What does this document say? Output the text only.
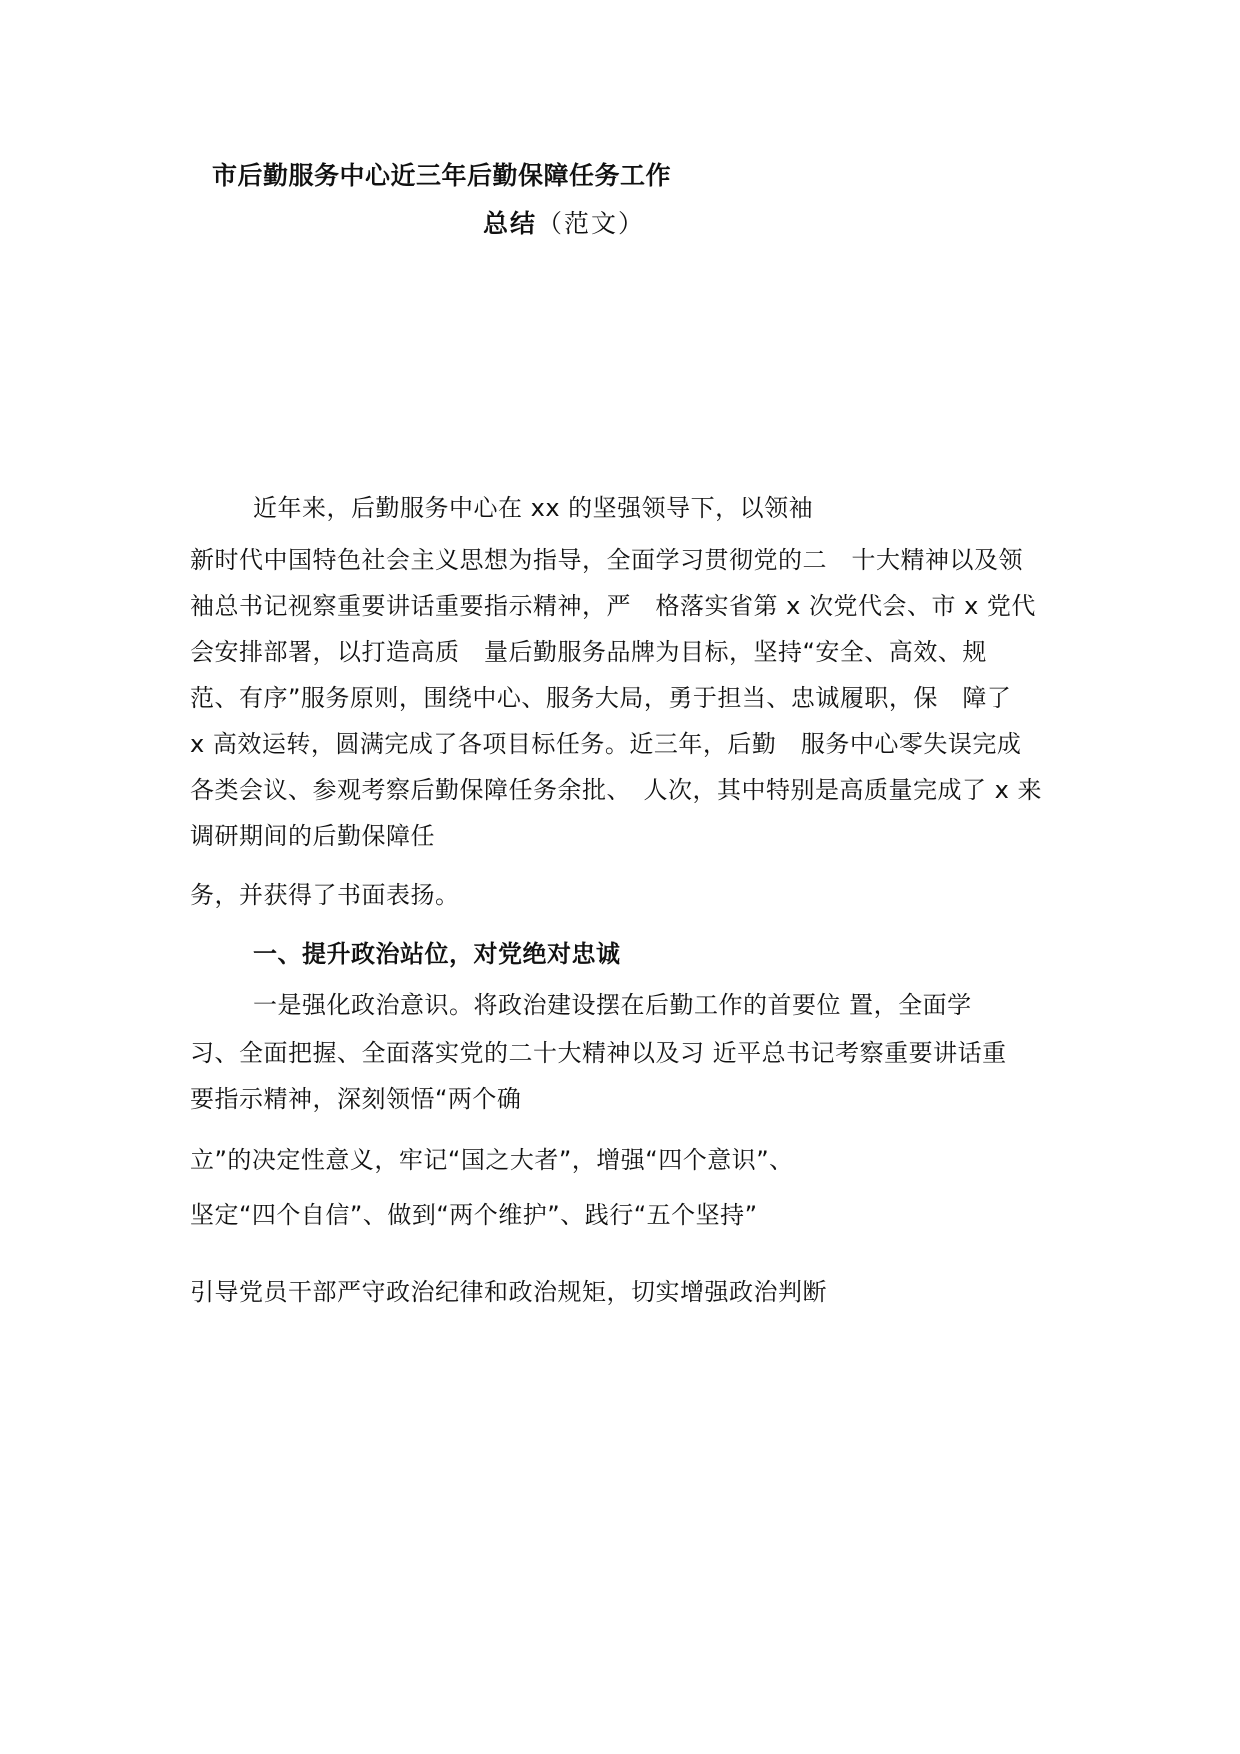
市后勤服务中心近三年后勤保障任务工作
总结（范文）
近年来，后勤服务中心在 xx 的坚强领导下，以领袖
新时代中国特色社会主义思想为指导，全面学习贯彻党的二　十大精神以及领
袖总书记视察重要讲话重要指示精神，严　格落实省第 x 次党代会、市 x 党代
会安排部署，以打造高质　量后勤服务品牌为目标，坚持“安全、高效、规
范、有序”服务原则，围绕中心、服务大局，勇于担当、忠诚履职，保　障了
x 高效运转，圆满完成了各项目标任务。近三年，后勤　服务中心零失误完成
各类会议、参观考察后勤保障任务余批、　人次，其中特别是高质量完成了 x 来
调研期间的后勤保障任
务，并获得了书面表扬。
一、提升政治站位，对党绝对忠诚
一是强化政治意识。将政治建设摆在后勤工作的首要位 置，全面学
习、全面把握、全面落实党的二十大精神以及习 近平总书记考察重要讲话重
要指示精神，深刻领悟“两个确
立”的决定性意义，牢记“国之大者”，增强“四个意识”、
坚定“四个自信”、做到“两个维护”、践行“五个坚持”
引导党员干部严守政治纪律和政治规矩，切实增强政治判断
